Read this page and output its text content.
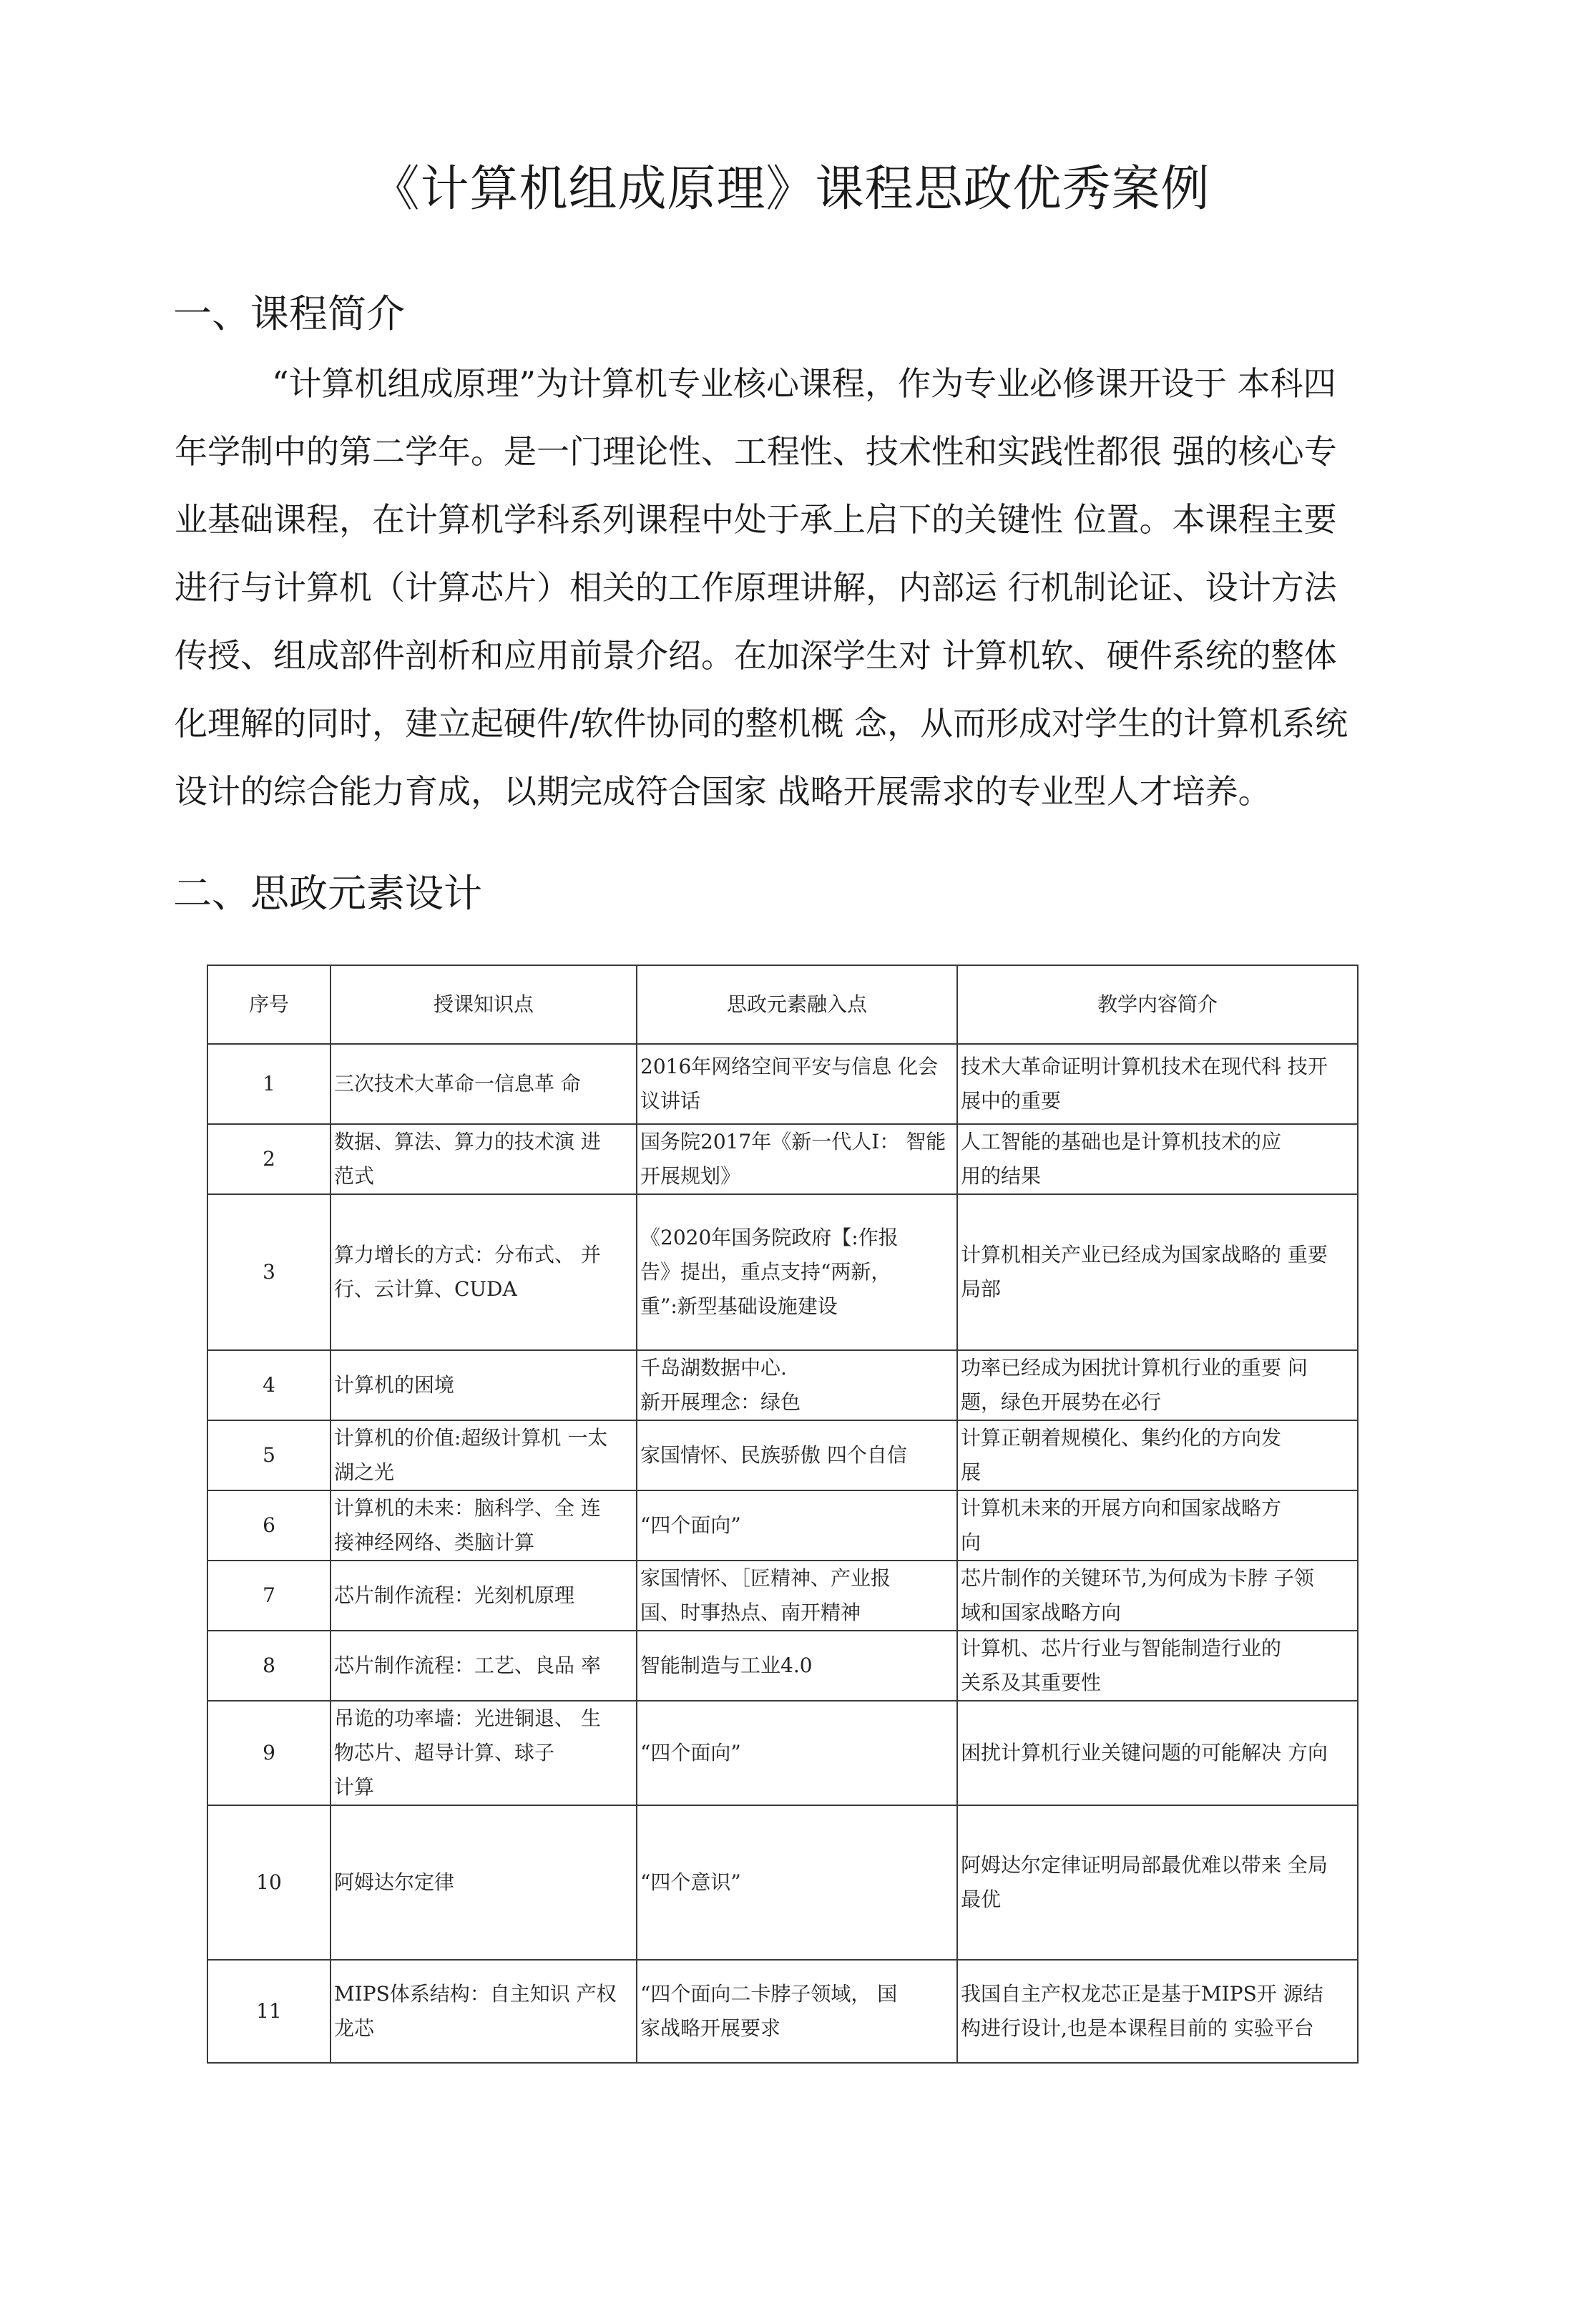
《计算机组成原理》课程思政优秀案例
一、课程简介
“计算机组成原理”为计算机专业核心课程，作为专业必修课开设于 本科四
年学制中的第二学年。是一门理论性、工程性、技术性和实践性都很 强的核心专
业基础课程，在计算机学科系列课程中处于承上启下的关键性 位置。本课程主要
进行与计算机（计算芯片）相关的工作原理讲解，内部运 行机制论证、设计方法
传授、组成部件剖析和应用前景介绍。在加深学生对 计算机软、硬件系统的整体
化理解的同时，建立起硬件/软件协同的整机概 念，从而形成对学生的计算机系统
设计的综合能力育成，以期完成符合国家 战略开展需求的专业型人才培养。
二、思政元素设计
序号	授课知识点	思政元素融入点	教学内容简介
1	三次技术大革命一信息革 命	2016年网络空间平安与信息 化会
议讲话	技术大革命证明计算机技术在现代科 技开
展中的重要
2	数据、算法、算力的技术演 进
范式	国务院2017年《新一代人I： 智能
开展规划》	人工智能的基础也是计算机技术的应
用的结果
3	算力增长的方式：分布式、 并
行、云计算、CUDA	《2020年国务院政府【:作报
告》提出，重点支持“两新，
重”:新型基础设施建设	计算机相关产业已经成为国家战略的 重要
局部
4	计算机的困境	千岛湖数据中心.
新开展理念：绿色	功率已经成为困扰计算机行业的重要 问
题，绿色开展势在必行
5	计算机的价值:超级计算机 一太
湖之光	家国情怀、民族骄傲 四个自信	计算正朝着规模化、集约化的方向发
展
6	计算机的未来：脑科学、全 连
接神经网络、类脑计算	“四个面向”	计算机未来的开展方向和国家战略方
向
7	芯片制作流程：光刻机原理	家国情怀、［匠精神、产业报
国、时事热点、南开精神	芯片制作的关键环节,为何成为卡脖 子领
域和国家战略方向
8	芯片制作流程：工艺、良品 率	智能制造与工业4.0	计算机、芯片行业与智能制造行业的
关系及其重要性
9	吊诡的功率墙：光进铜退、 生
物芯片、超导计算、球子
计算	“四个面向”	困扰计算机行业关键问题的可能解决 方向
10	阿姆达尔定律	“四个意识”	阿姆达尔定律证明局部最优难以带来 全局
最优
11	MIPS体系结构：自主知识 产权
龙芯	“四个面向二卡脖子领域， 国
家战略开展要求	我国自主产权龙芯正是基于MIPS开 源结
构进行设计,也是本课程目前的 实验平台
